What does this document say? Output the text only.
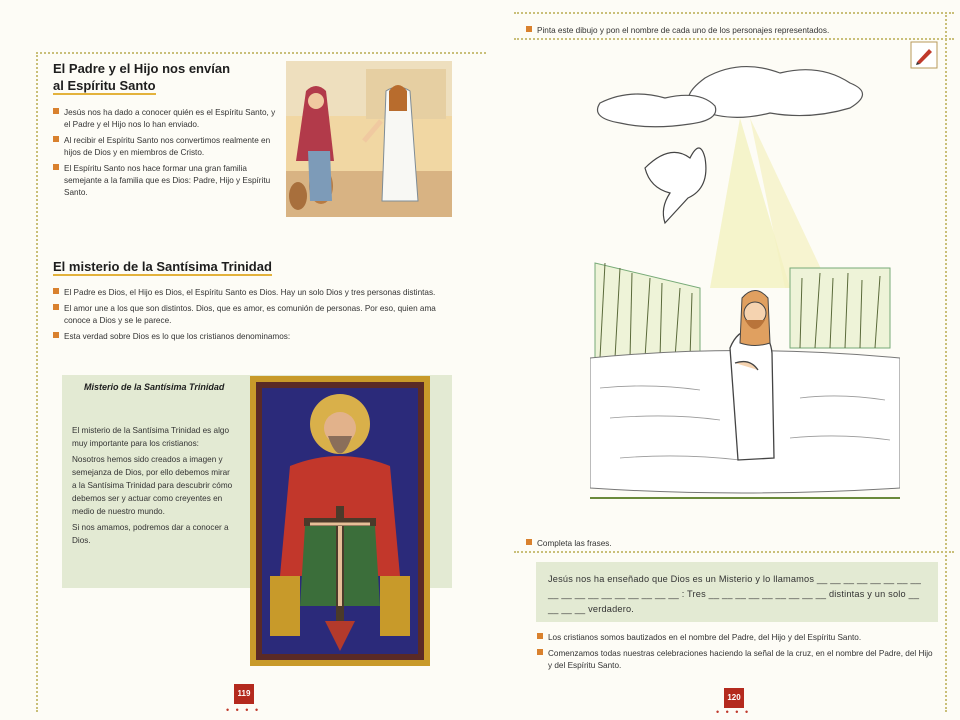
El Padre y el Hijo nos envían
al Espíritu Santo

Jesús nos ha dado a conocer quién es el Espíritu Santo, y el Padre y el Hijo nos lo han enviado.

Al recibir el Espíritu Santo nos convertimos realmente en hijos de Dios y en miembros de Cristo.

El Espíritu Santo nos hace formar una gran familia semejante a la familia que es Dios: Padre, Hijo y Espíritu Santo.

El misterio de la Santísima Trinidad

El Padre es Dios, el Hijo es Dios, el Espíritu Santo es Dios. Hay un solo Dios y tres personas distintas.

El amor une a los que son distintos. Dios, que es amor, es comunión de personas. Por eso, quien ama conoce a Dios y se le parece.

Esta verdad sobre Dios es lo que los cristianos denominamos:

Misterio de la Santísima Trinidad

El misterio de la Santísima Trinidad es algo muy importante para los cristianos:

Nosotros hemos sido creados a imagen y semejanza de Dios, por ello debemos mirar a la Santísima Trinidad para descubrir cómo debemos ser y actuar como creyentes en medio de nuestro mundo.

Si nos amamos, podremos dar a conocer a Dios.

119
• • • •
Pinta este dibujo y pon el nombre de cada uno de los personajes representados.
Completa las frases.
Jesús nos ha enseñado que Dios es un Misterio y lo llamamos __ __ __ __ __ __ __ __ __ __ __ __ __ __ __ __ __ __ : Tres __ __ __ __ __ __ __ __ __ distintas y un solo __ __ __ __ verdadero.

Los cristianos somos bautizados en el nombre del Padre, del Hijo y del Espíritu Santo.

Comenzamos todas nuestras celebraciones haciendo la señal de la cruz, en el nombre del Padre, del Hijo y del Espíritu Santo.

120
• • • •
